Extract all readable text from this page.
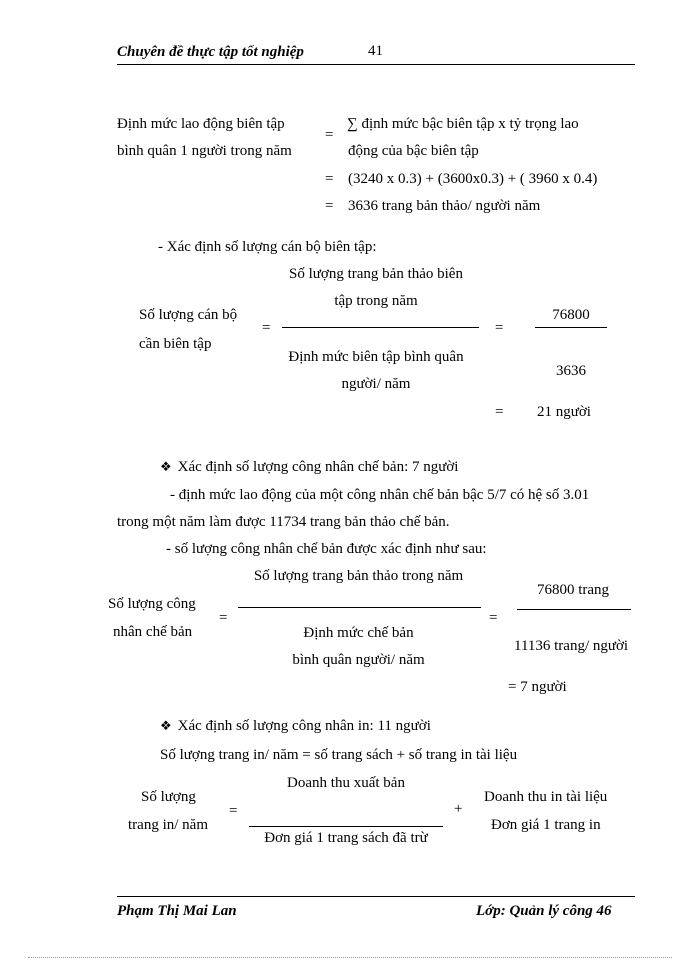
Chuyên đề thực tập tốt nghiệp	41
Định mức lao động biên tập
bình quân 1 người trong năm
=
∑ định mức bậc biên tập x tỷ trọng lao
động của bậc biên tập
= (3240 x 0.3) + (3600x0.3) + ( 3960 x 0.4)
= 3636 trang bản thảo/ người năm
- Xác định số lượng cán bộ biên tập:
Số lượng cán bộ
cần biên tập
=
Số lượng trang bản thảo biên
tập trong năm
Định mức biên tập bình quân
người/ năm
=
76800
3636
= 21 người
❖ Xác định số lượng công nhân chế bản: 7 người
- định mức lao động của một công nhân chế bản bậc 5/7 có hệ số 3.01
trong một năm làm được 11734 trang bản thảo chế bản.
- số lượng công nhân chế bản được xác định như sau:
Số lượng công
nhân chế bản
=
Số lượng trang bản thảo trong năm
Định mức chế bản
bình quân người/ năm
=
76800 trang
11136 trang/ người
= 7 người
❖ Xác định số lượng công nhân in: 11 người
Số lượng trang in/ năm = số trang sách + số trang in tài liệu
Số lượng
trang in/ năm
=
Doanh thu xuất bản
Đơn giá 1 trang sách đã trừ
+
Doanh thu in tài liệu
Đơn giá 1 trang in
Phạm Thị Mai Lan	Lớp: Quản lý công 46
